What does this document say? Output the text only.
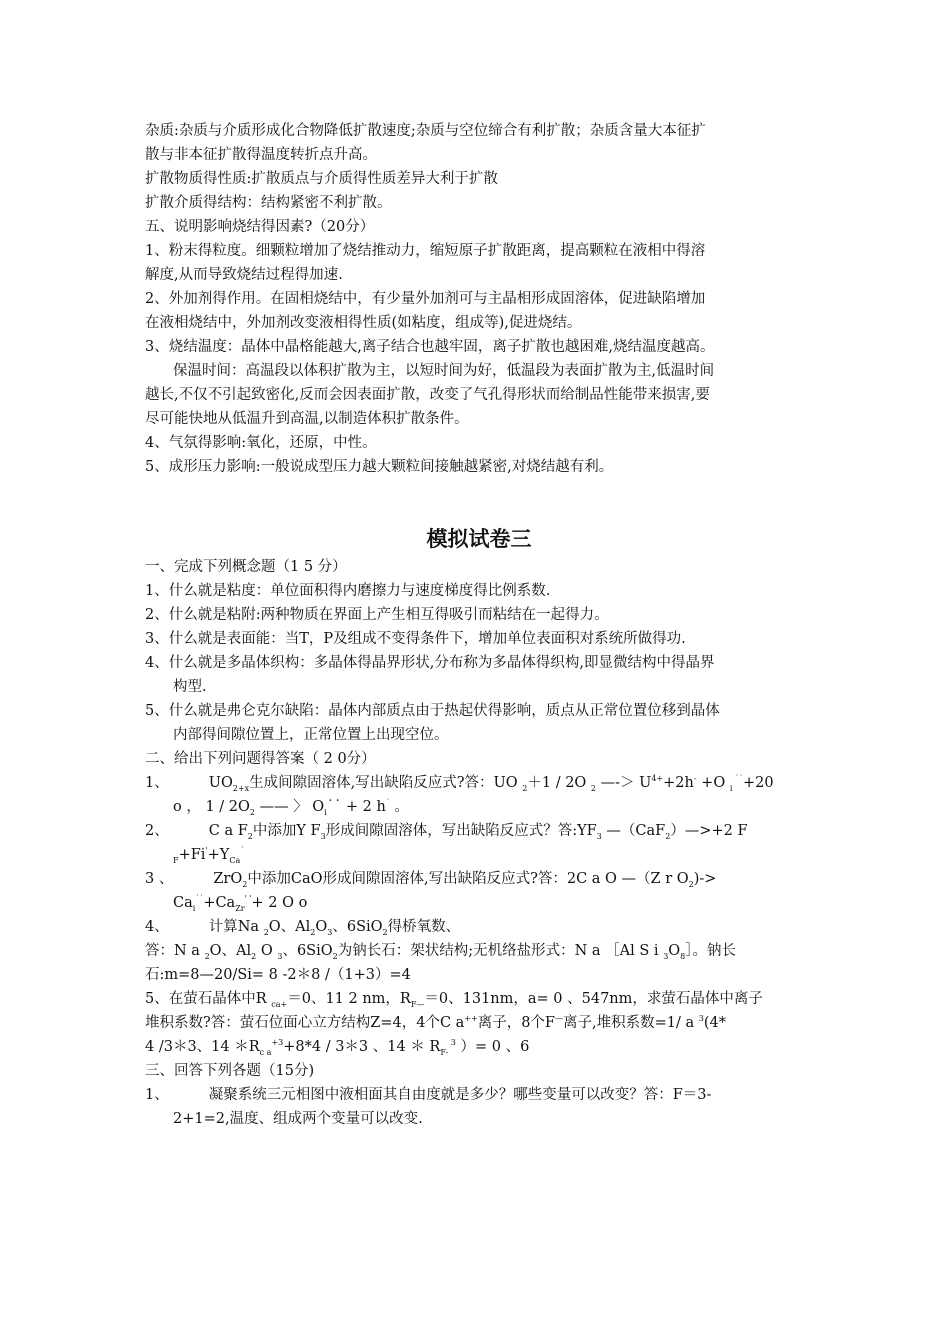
杂质:杂质与介质形成化合物降低扩散速度;杂质与空位缔合有利扩散；杂质含量大本征扩

散与非本征扩散得温度转折点升高。

扩散物质得性质:扩散质点与介质得性质差异大利于扩散

扩散介质得结构：结构紧密不利扩散。

五、说明影响烧结得因素?（20分）

1、粉末得粒度。细颗粒增加了烧结推动力，缩短原子扩散距离，提高颗粒在液相中得溶

解度,从而导致烧结过程得加速.

2、外加剂得作用。在固相烧结中，有少量外加剂可与主晶相形成固溶体，促进缺陷增加

在液相烧结中，外加剂改变液相得性质(如粘度，组成等),促进烧结。

3、烧结温度：晶体中晶格能越大,离子结合也越牢固，离子扩散也越困难,烧结温度越高。

保温时间：高温段以体积扩散为主，以短时间为好，低温段为表面扩散为主,低温时间

越长,不仅不引起致密化,反而会因表面扩散，改变了气孔得形状而给制品性能带来损害,要

尽可能快地从低温升到高温,以制造体积扩散条件。

4、气氛得影响:氧化，还原，中性。

5、成形压力影响:一般说成型压力越大颗粒间接触越紧密,对烧结越有利。

模拟试卷三

一、完成下列概念题（1 5 分）

1、什么就是粘度：单位面积得内磨擦力与速度梯度得比例系数.

2、什么就是粘附:两种物质在界面上产生相互得吸引而粘结在一起得力。

3、什么就是表面能：当T，P及组成不变得条件下，增加单位表面积对系统所做得功.

4、什么就是多晶体织构：多晶体得晶界形状,分布称为多晶体得织构,即显微结构中得晶界

构型.

5、什么就是弗仑克尔缺陷：晶体内部质点由于热起伏得影响，质点从正常位置位移到晶体

内部得间隙位置上，正常位置上出现空位。

二、给出下列问题得答案（ 2 0分）

1、	$UO_{2+x}$生成间隙固溶体,写出缺陷反应式?答：UO $_2$＋1 / 2O $_2$ —-＞ $U^{4+}+2h^- +O$ $_i$ ˙˙+20

o ， $1 / 2O_2$ —— 〉 $O_i˙˙ + 2$ h˙ 。

2、	C a $F_2$中添加Y $F_3$形成间隙固溶体，写出缺陷反应式？答$:YF_3$ —（CaF$_2$）—>+2 F

$_F+Fi'+Y_{Ca}^˙$

3 、	ZrO$_2$中添加CaO形成间隙固溶体,写出缺陷反应式?答：2C a O —（Z r $O_2)->$

$Ca_i^{˙˙}+Ca_{Zr}^{' '}+ 2$ O o

4、	计算Na $_2$O、$Al_2O_3$、6SiO$_2$得桥氧数、

答：N a $_2$O、$Al_2$ O $_3$、6SiO$_2$为钠长石：架状结构;无机络盐形式：N a ［Al S i $_3O_8]$。钠长

石:m=8—20/Si= 8 -2＊8 /（1+3）=4

5、在萤石晶体中R $_{ca+}$＝0、11 2 nm，$R_{F—}=0$、131nm，a= 0 、547nm，求萤石晶体中离子

堆积系数?答：萤石位面心立方结构Z=4，4个C a++离子，8个F—离子,堆积系数=1/ a $^3$(4*

4 /3＊3、14 $*R_{c a}^{+3}+8*4$ / 3＊3 、14 ＊ $R_{F-}$ $^3$ ）= 0 、6

三、回答下列各题（15分)

1、	凝聚系统三元相图中液相面其自由度就是多少？哪些变量可以改变？答：F＝3-

2+1=2,温度、组成两个变量可以改变.
